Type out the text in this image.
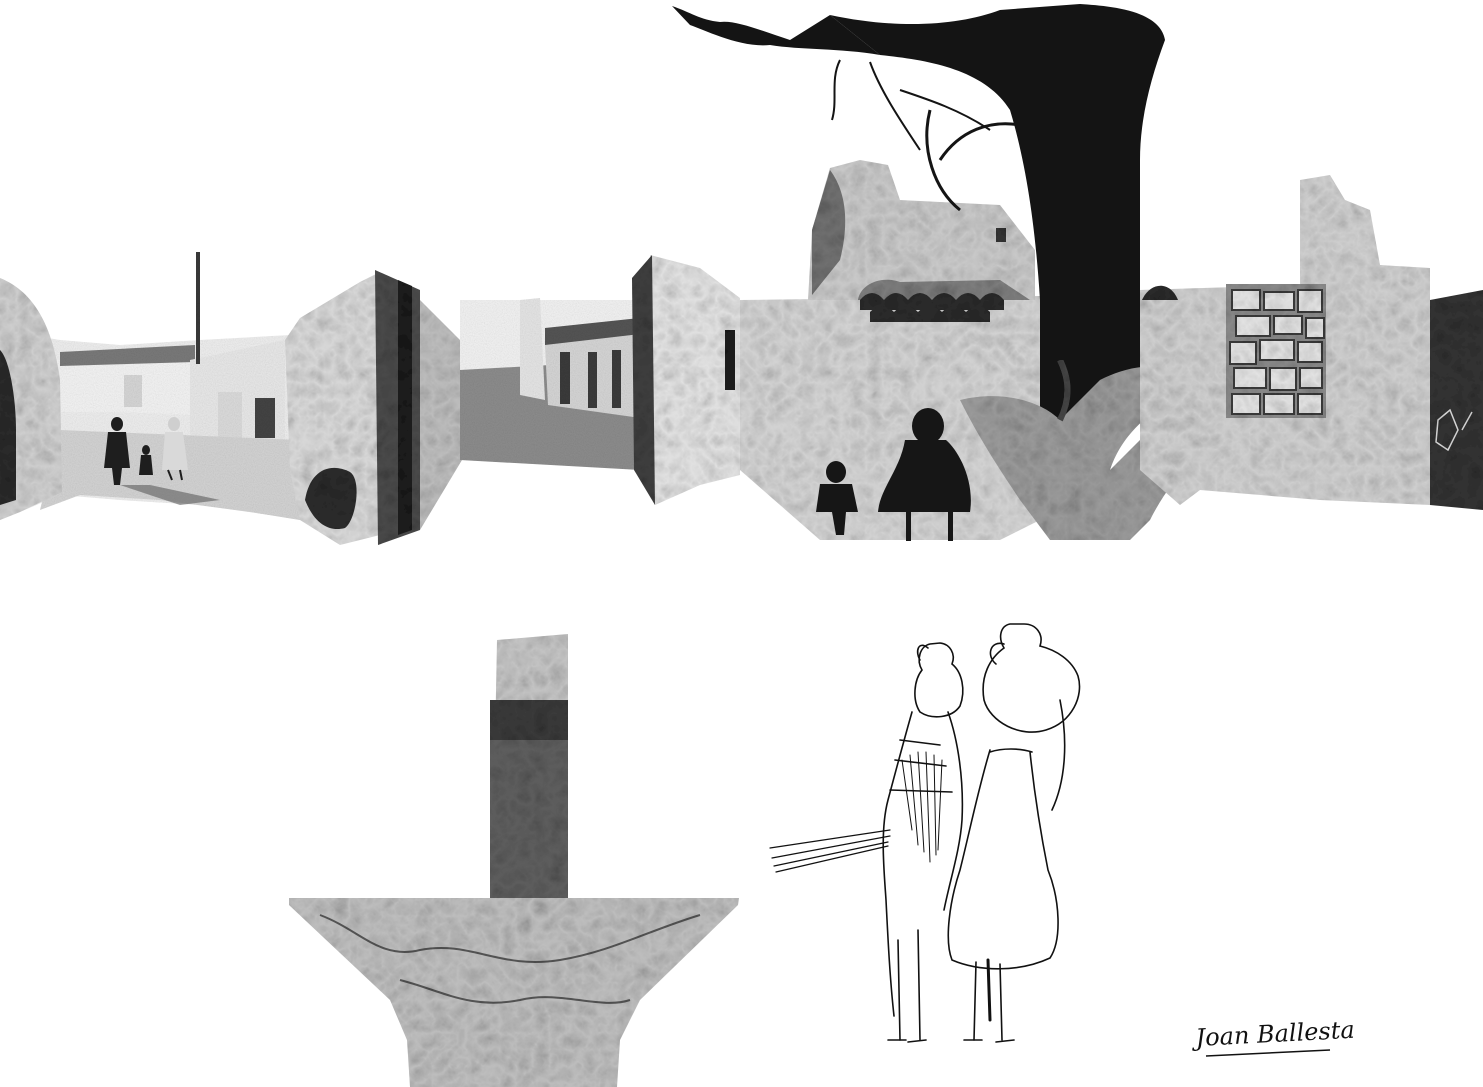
Joan Ballesta
